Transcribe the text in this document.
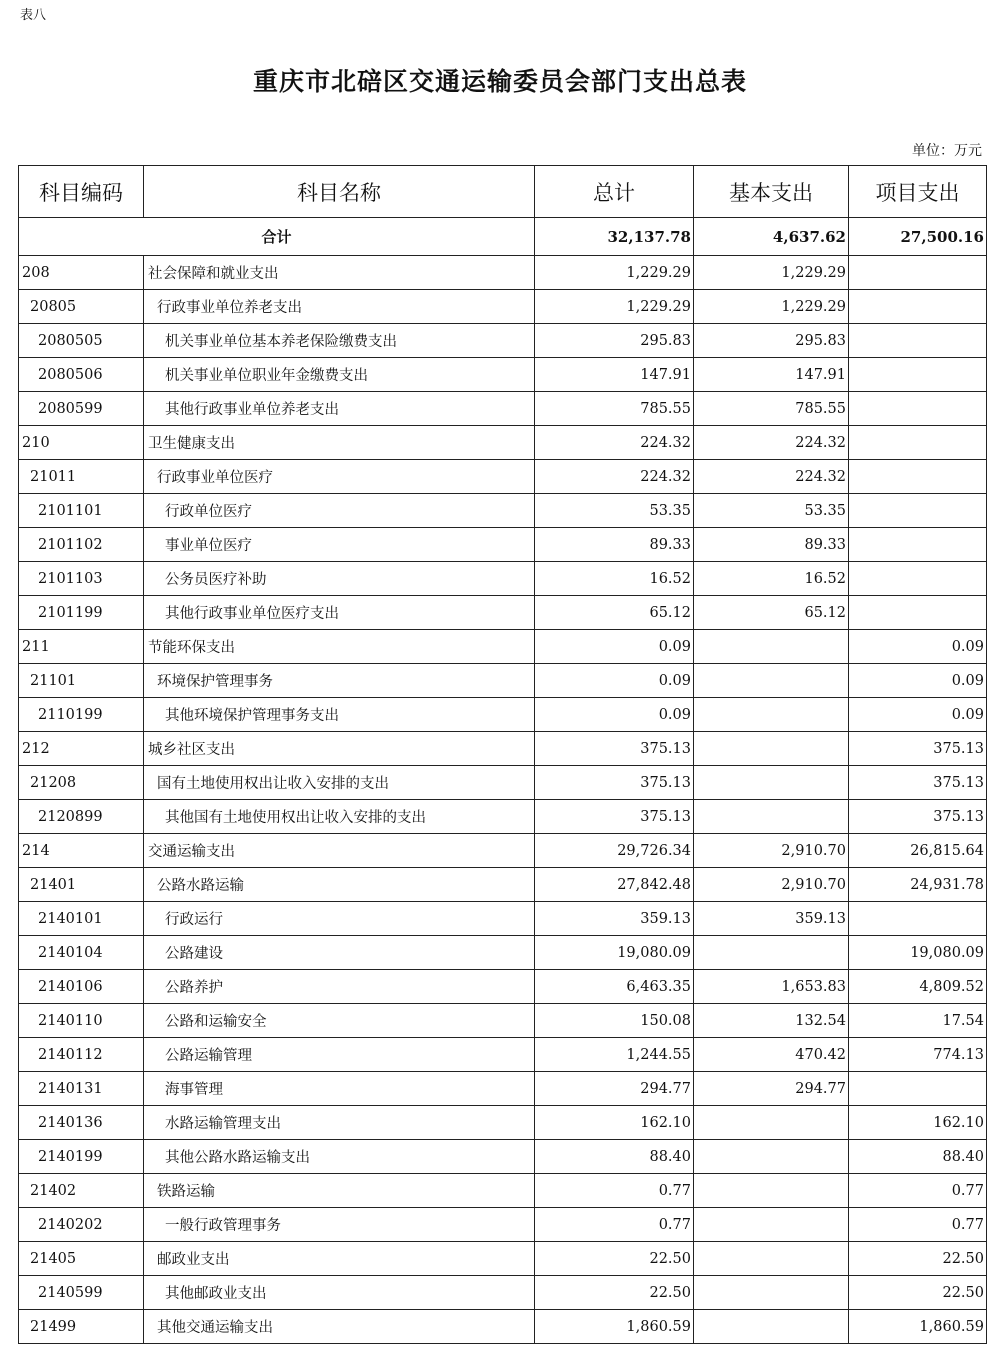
表八
重庆市北碚区交通运输委员会部门支出总表
单位：万元
科目编码	科目名称	总计	基本支出	项目支出
合计		32,137.78	4,637.62	27,500.16
208	社会保障和就业支出	1,229.29	1,229.29	
20805	行政事业单位养老支出	1,229.29	1,229.29	
2080505	机关事业单位基本养老保险缴费支出	295.83	295.83	
2080506	机关事业单位职业年金缴费支出	147.91	147.91	
2080599	其他行政事业单位养老支出	785.55	785.55	
210	卫生健康支出	224.32	224.32	
21011	行政事业单位医疗	224.32	224.32	
2101101	行政单位医疗	53.35	53.35	
2101102	事业单位医疗	89.33	89.33	
2101103	公务员医疗补助	16.52	16.52	
2101199	其他行政事业单位医疗支出	65.12	65.12	
211	节能环保支出	0.09		0.09
21101	环境保护管理事务	0.09		0.09
2110199	其他环境保护管理事务支出	0.09		0.09
212	城乡社区支出	375.13		375.13
21208	国有土地使用权出让收入安排的支出	375.13		375.13
2120899	其他国有土地使用权出让收入安排的支出	375.13		375.13
214	交通运输支出	29,726.34	2,910.70	26,815.64
21401	公路水路运输	27,842.48	2,910.70	24,931.78
2140101	行政运行	359.13	359.13	
2140104	公路建设	19,080.09		19,080.09
2140106	公路养护	6,463.35	1,653.83	4,809.52
2140110	公路和运输安全	150.08	132.54	17.54
2140112	公路运输管理	1,244.55	470.42	774.13
2140131	海事管理	294.77	294.77	
2140136	水路运输管理支出	162.10		162.10
2140199	其他公路水路运输支出	88.40		88.40
21402	铁路运输	0.77		0.77
2140202	一般行政管理事务	0.77		0.77
21405	邮政业支出	22.50		22.50
2140599	其他邮政业支出	22.50		22.50
21499	其他交通运输支出	1,860.59		1,860.59
